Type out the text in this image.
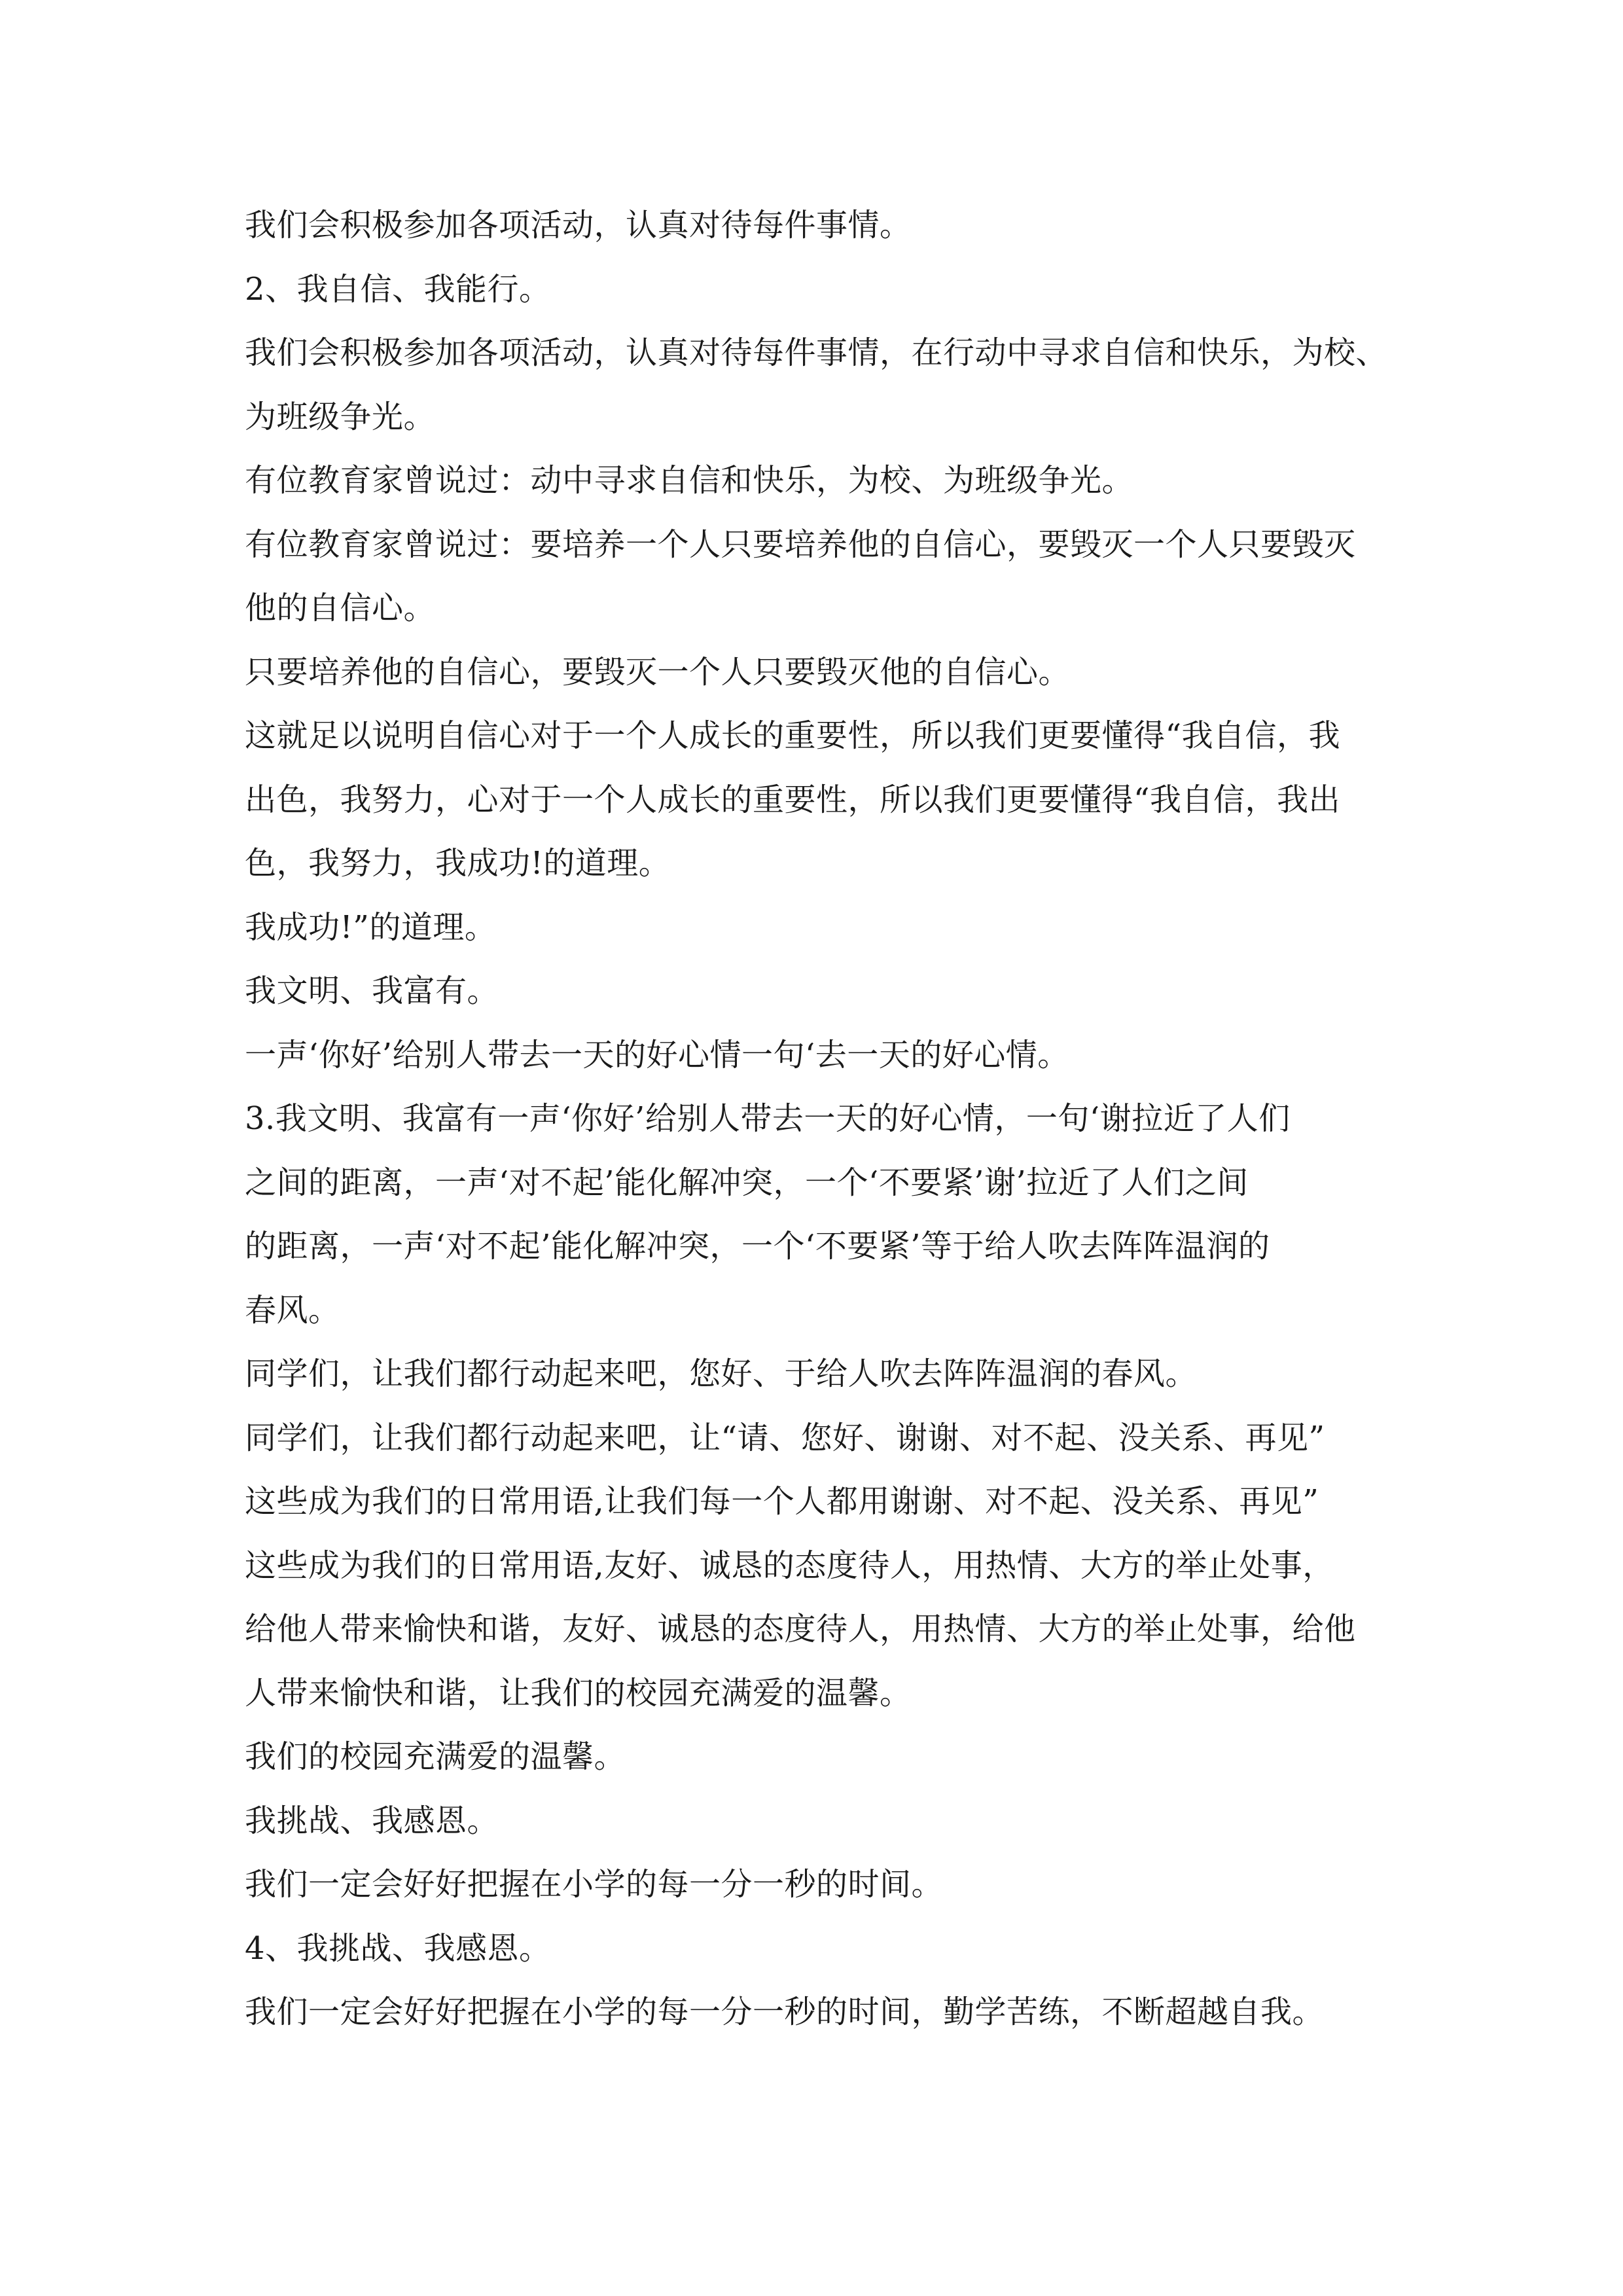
我们会积极参加各项活动，认真对待每件事情。
2、我自信、我能行。
我们会积极参加各项活动，认真对待每件事情，在行动中寻求自信和快乐，为校、
为班级争光。
有位教育家曾说过：动中寻求自信和快乐，为校、为班级争光。
有位教育家曾说过：要培养一个人只要培养他的自信心，要毁灭一个人只要毁灭
他的自信心。
只要培养他的自信心，要毁灭一个人只要毁灭他的自信心。
这就足以说明自信心对于一个人成长的重要性，所以我们更要懂得“我自信，我
出色，我努力，心对于一个人成长的重要性，所以我们更要懂得“我自信，我出
色，我努力，我成功!的道理。
我成功!”的道理。
我文明、我富有。
一声‘你好’给别人带去一天的好心情一句‘去一天的好心情。
3.我文明、我富有一声‘你好’给别人带去一天的好心情，一句‘谢拉近了人们
之间的距离，一声‘对不起’能化解冲突，一个‘不要紧’谢’拉近了人们之间
的距离，一声‘对不起’能化解冲突，一个‘不要紧’等于给人吹去阵阵温润的
春风。
同学们，让我们都行动起来吧，您好、于给人吹去阵阵温润的春风。
同学们，让我们都行动起来吧，让“请、您好、谢谢、对不起、没关系、再见”
这些成为我们的日常用语,让我们每一个人都用谢谢、对不起、没关系、再见”
这些成为我们的日常用语,友好、诚恳的态度待人，用热情、大方的举止处事，
给他人带来愉快和谐，友好、诚恳的态度待人，用热情、大方的举止处事，给他
人带来愉快和谐，让我们的校园充满爱的温馨。
我们的校园充满爱的温馨。
我挑战、我感恩。
我们一定会好好把握在小学的每一分一秒的时间。
4、我挑战、我感恩。
我们一定会好好把握在小学的每一分一秒的时间，勤学苦练，不断超越自我。
